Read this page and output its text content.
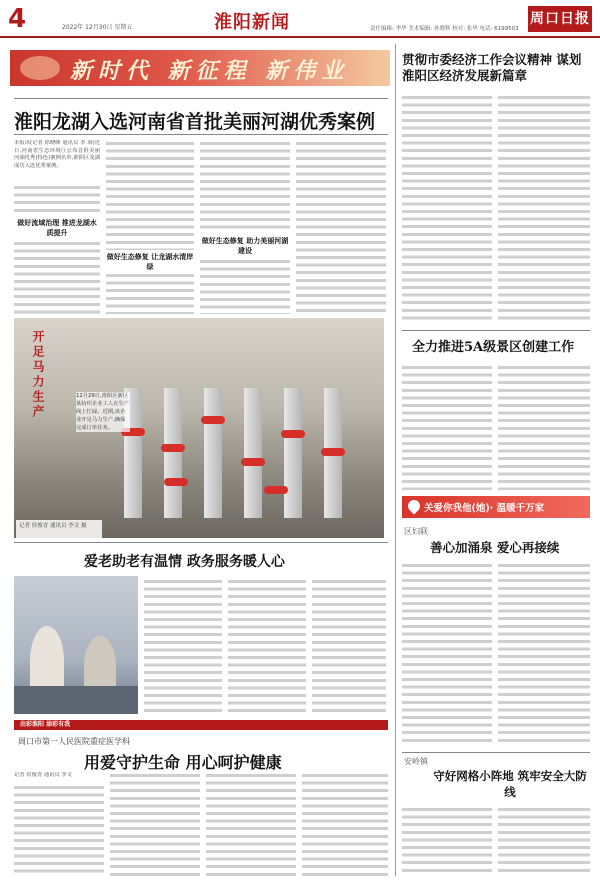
4	2022年 12月30日 星期五	淮阳新闻	责任编辑: 李华 美术编辑: 孙晓秋 校对: 张华 电话: 6199503
周口日报
新时代 新征程 新伟业
淮阳龙湖入选河南省首批美丽河湖优秀案例
本报讯(记者 徐晓峰 通讯员 李 海)近日,河南省生态环境厅公布首批美丽河湖优秀(特色)案例名单,淮阳区龙湖成功入选优秀案例。
做好流域治理 推进龙湖水质提升
做好生态修复 让龙湖水清岸绿
做好生态修复 助力美丽河湖建设
开足马力生产	12月29日,淮阳区新区某纺织企业工人在生产线上忙碌。近期,该企业开足马力生产,确保完成订单任务。
记者 侯俊青 通讯员 李文 摄
爱老助老有温情 政务服务暖人心
出彩淮阳 添彩有我
周口市第一人民医院重症医学科
用爱守护生命 用心呵护健康
记者 侯俊青 通讯员 李文
贯彻市委经济工作会议精神 谋划淮阳区经济发展新篇章
全力推进5A级景区创建工作
关爱你我他(她)· 温暖千万家
区妇联
善心加涌泉 爱心再接续
安岭镇
守好网格小阵地 筑牢安全大防线
